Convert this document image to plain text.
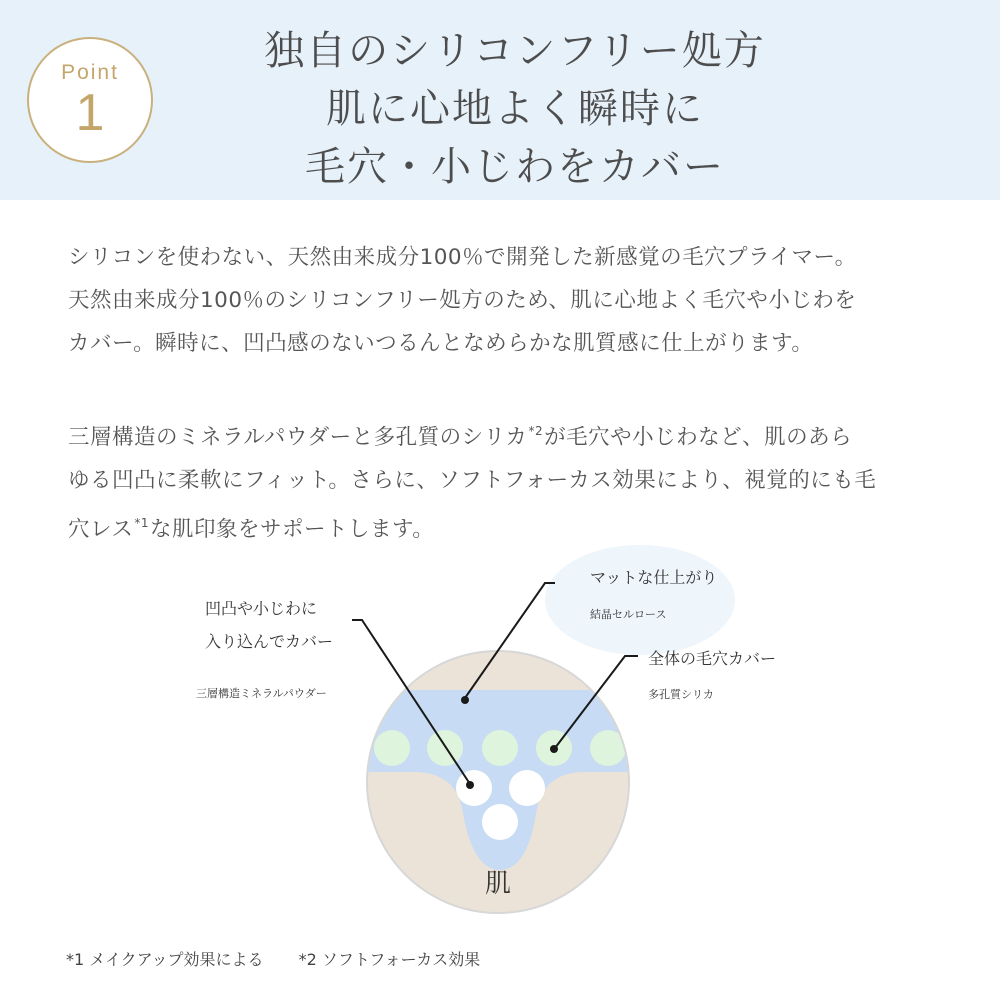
Point
1
独自のシリコンフリー処方
肌に心地よく瞬時に
毛穴・小じわをカバー
シリコンを使わない、天然由来成分100％で開発した新感覚の毛穴プライマー。
天然由来成分100％のシリコンフリー処方のため、肌に心地よく毛穴や小じわを
カバー。瞬時に、凹凸感のないつるんとなめらかな肌質感に仕上がります。
三層構造のミネラルパウダーと多孔質のシリカ$^{*2}$が毛穴や小じわなど、肌のあら
ゆる凹凸に柔軟にフィット。さらに、ソフトフォーカス効果により、視覚的にも毛
穴レス$^{*1}$な肌印象をサポートします。
凹凸や小じわに
入り込んでカバー
三層構造ミネラルパウダー
マットな仕上がり
結晶セルロース
全体の毛穴カバー
多孔質シリカ
肌
*1 メイクアップ効果による *2 ソフトフォーカス効果
